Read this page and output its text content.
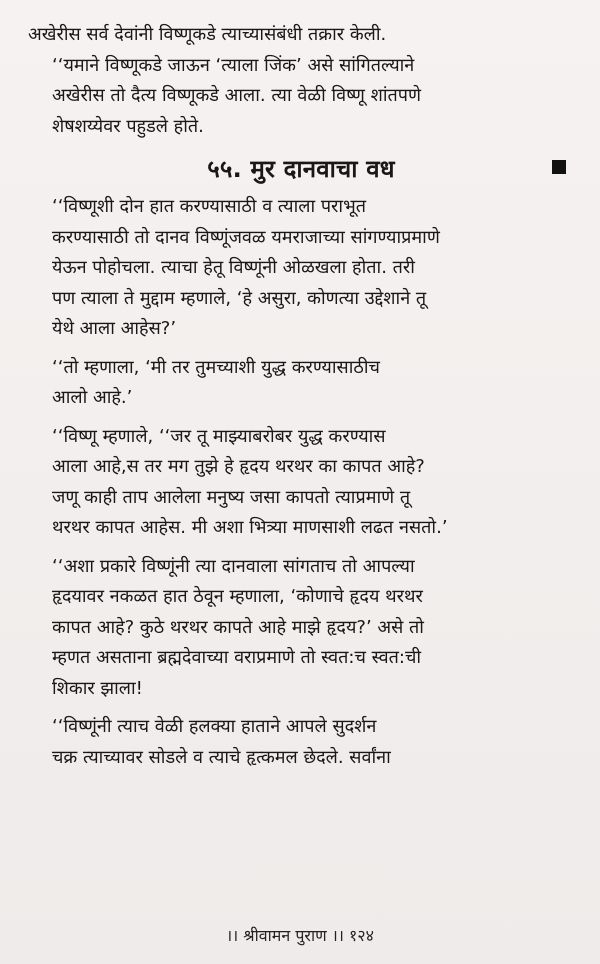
अखेरीस सर्व देवांनी विष्णूकडे त्याच्यासंबंधी तक्रार केली.

‘‘यमाने विष्णूकडे जाऊन ‘त्याला जिंक’ असे सांगितल्याने
अखेरीस तो दैत्य विष्णूकडे आला. त्या वेळी विष्णू शांतपणे
शेषशय्येवर पहुडले होते.

५५. मुर दानवाचा वध

‘‘विष्णूशी दोन हात करण्यासाठी व त्याला पराभूत
करण्यासाठी तो दानव विष्णूंजवळ यमराजाच्या सांगण्याप्रमाणे
येऊन पोहोचला. त्याचा हेतू विष्णूंनी ओळखला होता. तरी
पण त्याला ते मुद्दाम म्हणाले, ‘हे असुरा, कोणत्या उद्देशाने तू
येथे आला आहेस?’

‘‘तो म्हणाला, ‘मी तर तुमच्याशी युद्ध करण्यासाठीच
आलो आहे.’

‘‘विष्णू म्हणाले, ‘‘जर तू माझ्याबरोबर युद्ध करण्यास
आला आहे,स तर मग तुझे हे हृदय थरथर का कापत आहे?
जणू काही ताप आलेला मनुष्य जसा कापतो त्याप्रमाणे तू
थरथर कापत आहेस. मी अशा भित्र्या माणसाशी लढत नसतो.’

‘‘अशा प्रकारे विष्णूंनी त्या दानवाला सांगताच तो आपल्या
हृदयावर नकळत हात ठेवून म्हणाला, ‘कोणाचे हृदय थरथर
कापत आहे? कुठे थरथर कापते आहे माझे हृदय?’ असे तो
म्हणत असताना ब्रह्मदेवाच्या वराप्रमाणे तो स्वत:च स्वत:ची
शिकार झाला!

‘‘विष्णूंनी त्याच वेळी हलक्या हाताने आपले सुदर्शन
चक्र त्याच्यावर सोडले व त्याचे हृत्कमल छेदले. सर्वांना

।। श्रीवामन पुराण ।। १२४
